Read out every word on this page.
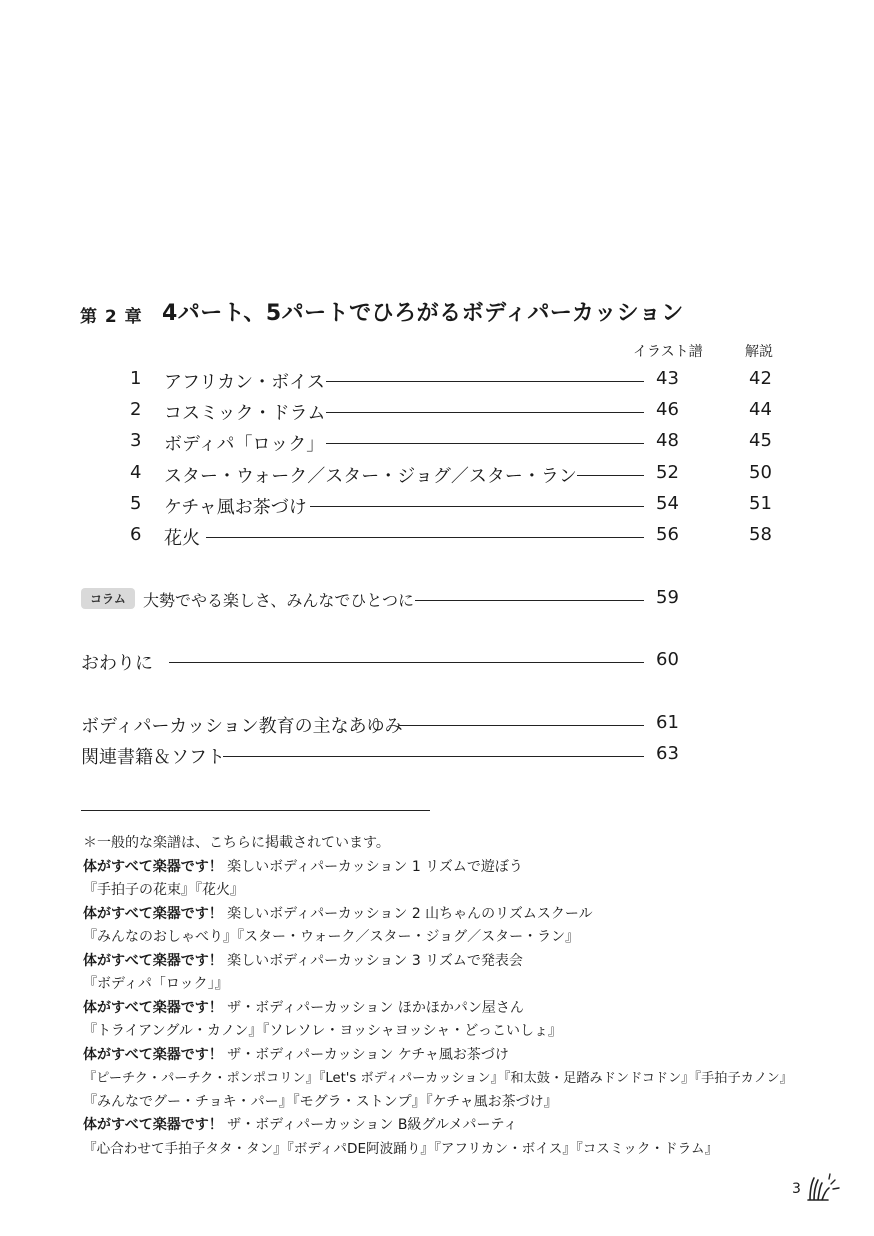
第 2 章 4パート、5パートでひろがるボディパーカッション
イラスト譜	解説
1	アフリカン・ボイス	43	42
2	コスミック・ドラム	46	44
3	ボディパ「ロック」	48	45
4	スター・ウォーク／スター・ジョグ／スター・ラン	52	50
5	ケチャ風お茶づけ	54	51
6	花火	56	58
コラム	大勢でやる楽しさ、みんなでひとつに	59
おわりに	60
ボディパーカッション教育の主なあゆみ	61
関連書籍＆ソフト	63
＊一般的な楽譜は、こちらに掲載されています。
体がすべて楽器です！ 楽しいボディパーカッション 1 リズムで遊ぼう
『手拍子の花束』『花火』
体がすべて楽器です！ 楽しいボディパーカッション 2 山ちゃんのリズムスクール
『みんなのおしゃべり』『スター・ウォーク／スター・ジョグ／スター・ラン』
体がすべて楽器です！ 楽しいボディパーカッション 3 リズムで発表会
『ボディパ「ロック」』
体がすべて楽器です！ ザ・ボディパーカッション ほかほかパン屋さん
『トライアングル・カノン』『ソレソレ・ヨッシャヨッシャ・どっこいしょ』
体がすべて楽器です！ ザ・ボディパーカッション ケチャ風お茶づけ
『ピーチク・パーチク・ポンポコリン』『Let's ボディパーカッション』『和太鼓・足踏みドンドコドン』『手拍子カノン』
『みんなでグー・チョキ・パー』『モグラ・ストンプ』『ケチャ風お茶づけ』
体がすべて楽器です！ ザ・ボディパーカッション B級グルメパーティ
『心合わせて手拍子タタ・タン』『ボディパDE阿波踊り』『アフリカン・ボイス』『コスミック・ドラム』
3
